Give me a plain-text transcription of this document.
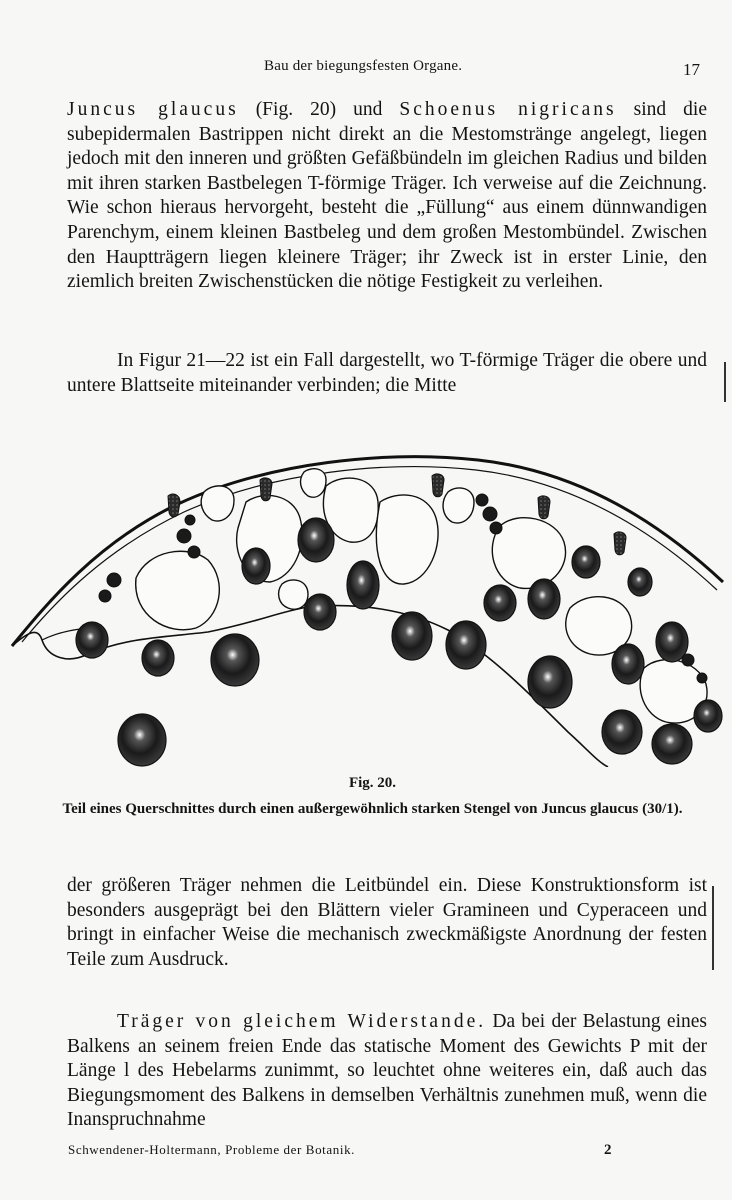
Bau der biegungsfesten Organe.	17

Juncus glaucus (Fig. 20) und Schoenus nigricans sind die subepidermalen Bastrippen nicht direkt an die Mestomstränge angelegt, liegen jedoch mit den inneren und größten Gefäßbündeln im gleichen Radius und bilden mit ihren starken Bastbelegen T-förmige Träger. Ich verweise auf die Zeichnung. Wie schon hieraus hervorgeht, besteht die „Füllung“ aus einem dünnwandigen Parenchym, einem kleinen Bastbeleg und dem großen Mestombündel. Zwischen den Hauptträgern liegen kleinere Träger; ihr Zweck ist in erster Linie, den ziemlich breiten Zwischenstücken die nötige Festigkeit zu verleihen.

In Figur 21—22 ist ein Fall dargestellt, wo T-förmige Träger die obere und untere Blattseite miteinander verbinden; die Mitte

Fig. 20.

Teil eines Querschnittes durch einen außergewöhnlich starken Stengel von Juncus glaucus (30/1).

der größeren Träger nehmen die Leitbündel ein. Diese Konstruktionsform ist besonders ausgeprägt bei den Blättern vieler Gramineen und Cyperaceen und bringt in einfacher Weise die mechanisch zweckmäßigste Anordnung der festen Teile zum Ausdruck.

Träger von gleichem Widerstande. Da bei der Belastung eines Balkens an seinem freien Ende das statische Moment des Gewichts P mit der Länge l des Hebelarms zunimmt, so leuchtet ohne weiteres ein, daß auch das Biegungsmoment des Balkens in demselben Verhältnis zunehmen muß, wenn die Inanspruchnahme

Schwendener-Holtermann, Probleme der Botanik.	2
